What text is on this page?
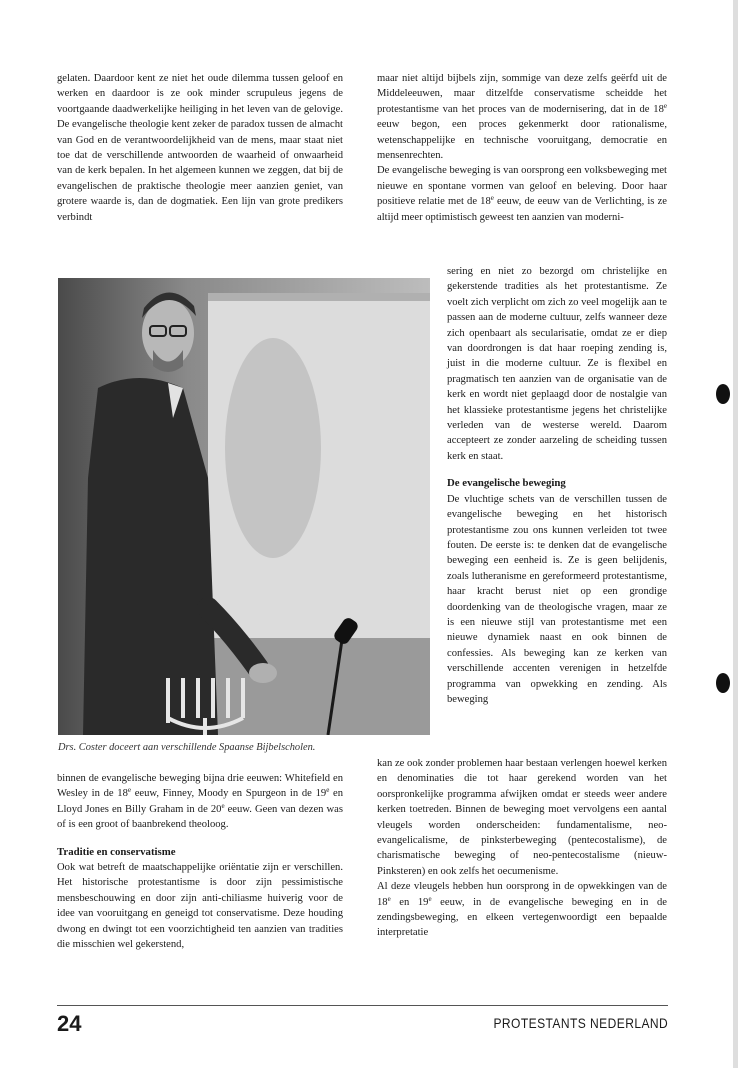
gelaten. Daardoor kent ze niet het oude dilemma tussen geloof en werken en daardoor is ze ook minder scrupuleus jegens de voortgaande daadwerkelijke heiliging in het leven van de gelovige. De evangelische theologie kent zeker de paradox tussen de almacht van God en de verantwoordelijkheid van de mens, maar staat niet toe dat de verschillende antwoorden de waarheid of onwaarheid van de kerk bepalen. In het algemeen kunnen we zeggen, dat bij de evangelischen de praktische theologie meer aanzien geniet, van grotere waarde is, dan de dogmatiek. Een lijn van grote predikers verbindt

maar niet altijd bijbels zijn, sommige van deze zelfs geërfd uit de Middeleeuwen, maar ditzelfde conservatisme scheidde het protestantisme van het proces van de modernisering, dat in de 18e eeuw begon, een proces gekenmerkt door rationalisme, wetenschappelijke en technische vooruitgang, democratie en mensenrechten.

De evangelische beweging is van oorsprong een volksbeweging met nieuwe en spontane vormen van geloof en beleving. Door haar positieve relatie met de 18e eeuw, de eeuw van de Verlichting, is ze altijd meer optimistisch geweest ten aanzien van moderni-

sering en niet zo bezorgd om christelijke en gekerstende tradities als het protestantisme. Ze voelt zich verplicht om zich zo veel mogelijk aan te passen aan de moderne cultuur, zelfs wanneer deze zich openbaart als secularisatie, omdat ze er diep van doordrongen is dat haar roeping zending is, juist in die moderne cultuur. Ze is flexibel en pragmatisch ten aanzien van de organisatie van de kerk en wordt niet geplaagd door de nostalgie van het klassieke protestantisme jegens het christelijke verleden van de westerse wereld. Daarom accepteert ze zonder aarzeling de scheiding tussen kerk en staat.

De evangelische beweging

De vluchtige schets van de verschillen tussen de evangelische beweging en het historisch protestantisme zou ons kunnen verleiden tot twee fouten. De eerste is: te denken dat de evangelische beweging een eenheid is. Ze is geen belijdenis, zoals lutheranisme en gereformeerd protestantisme, haar kracht berust niet op een grondige doordenking van de theologische vragen, maar ze is een nieuwe stijl van protestantisme met een nieuwe dynamiek naast en ook binnen de confessies. Als beweging kan ze kerken van verschillende accenten verenigen in hetzelfde programma van opwekking en zending. Als beweging

kan ze ook zonder problemen haar bestaan verlengen hoewel kerken en denominaties die tot haar gerekend worden van het oorspronkelijke programma afwijken omdat er steeds weer andere kerken toetreden. Binnen de beweging moet vervolgens een aantal vleugels worden onderscheiden: fundamentalisme, neo-evangelicalisme, de pinksterbeweging (pentecostalisme), de charismatische beweging of neo-pentecostalisme (nieuw-Pinksteren) en ook zelfs het oecumenisme.

Al deze vleugels hebben hun oorsprong in de opwekkingen van de 18e en 19e eeuw, in de evangelische beweging en in de zendingsbeweging, en elkeen vertegenwoordigt een bepaalde interpretatie

Drs. Coster doceert aan verschillende Spaanse Bijbelscholen.

binnen de evangelische beweging bijna drie eeuwen: Whitefield en Wesley in de 18e eeuw, Finney, Moody en Spurgeon in de 19e en Lloyd Jones en Billy Graham in de 20e eeuw. Geen van dezen was of is een groot of baanbrekend theoloog.

Traditie en conservatisme

Ook wat betreft de maatschappelijke oriëntatie zijn er verschillen. Het historische protestantisme is door zijn pessimistische mensbeschouwing en door zijn anti-chiliasme huiverig voor de idee van vooruitgang en geneigd tot conservatisme. Deze houding dwong en dwingt tot een voorzichtigheid ten aanzien van tradities die misschien wel gekerstend,

24	PROTESTANTS NEDERLAND
